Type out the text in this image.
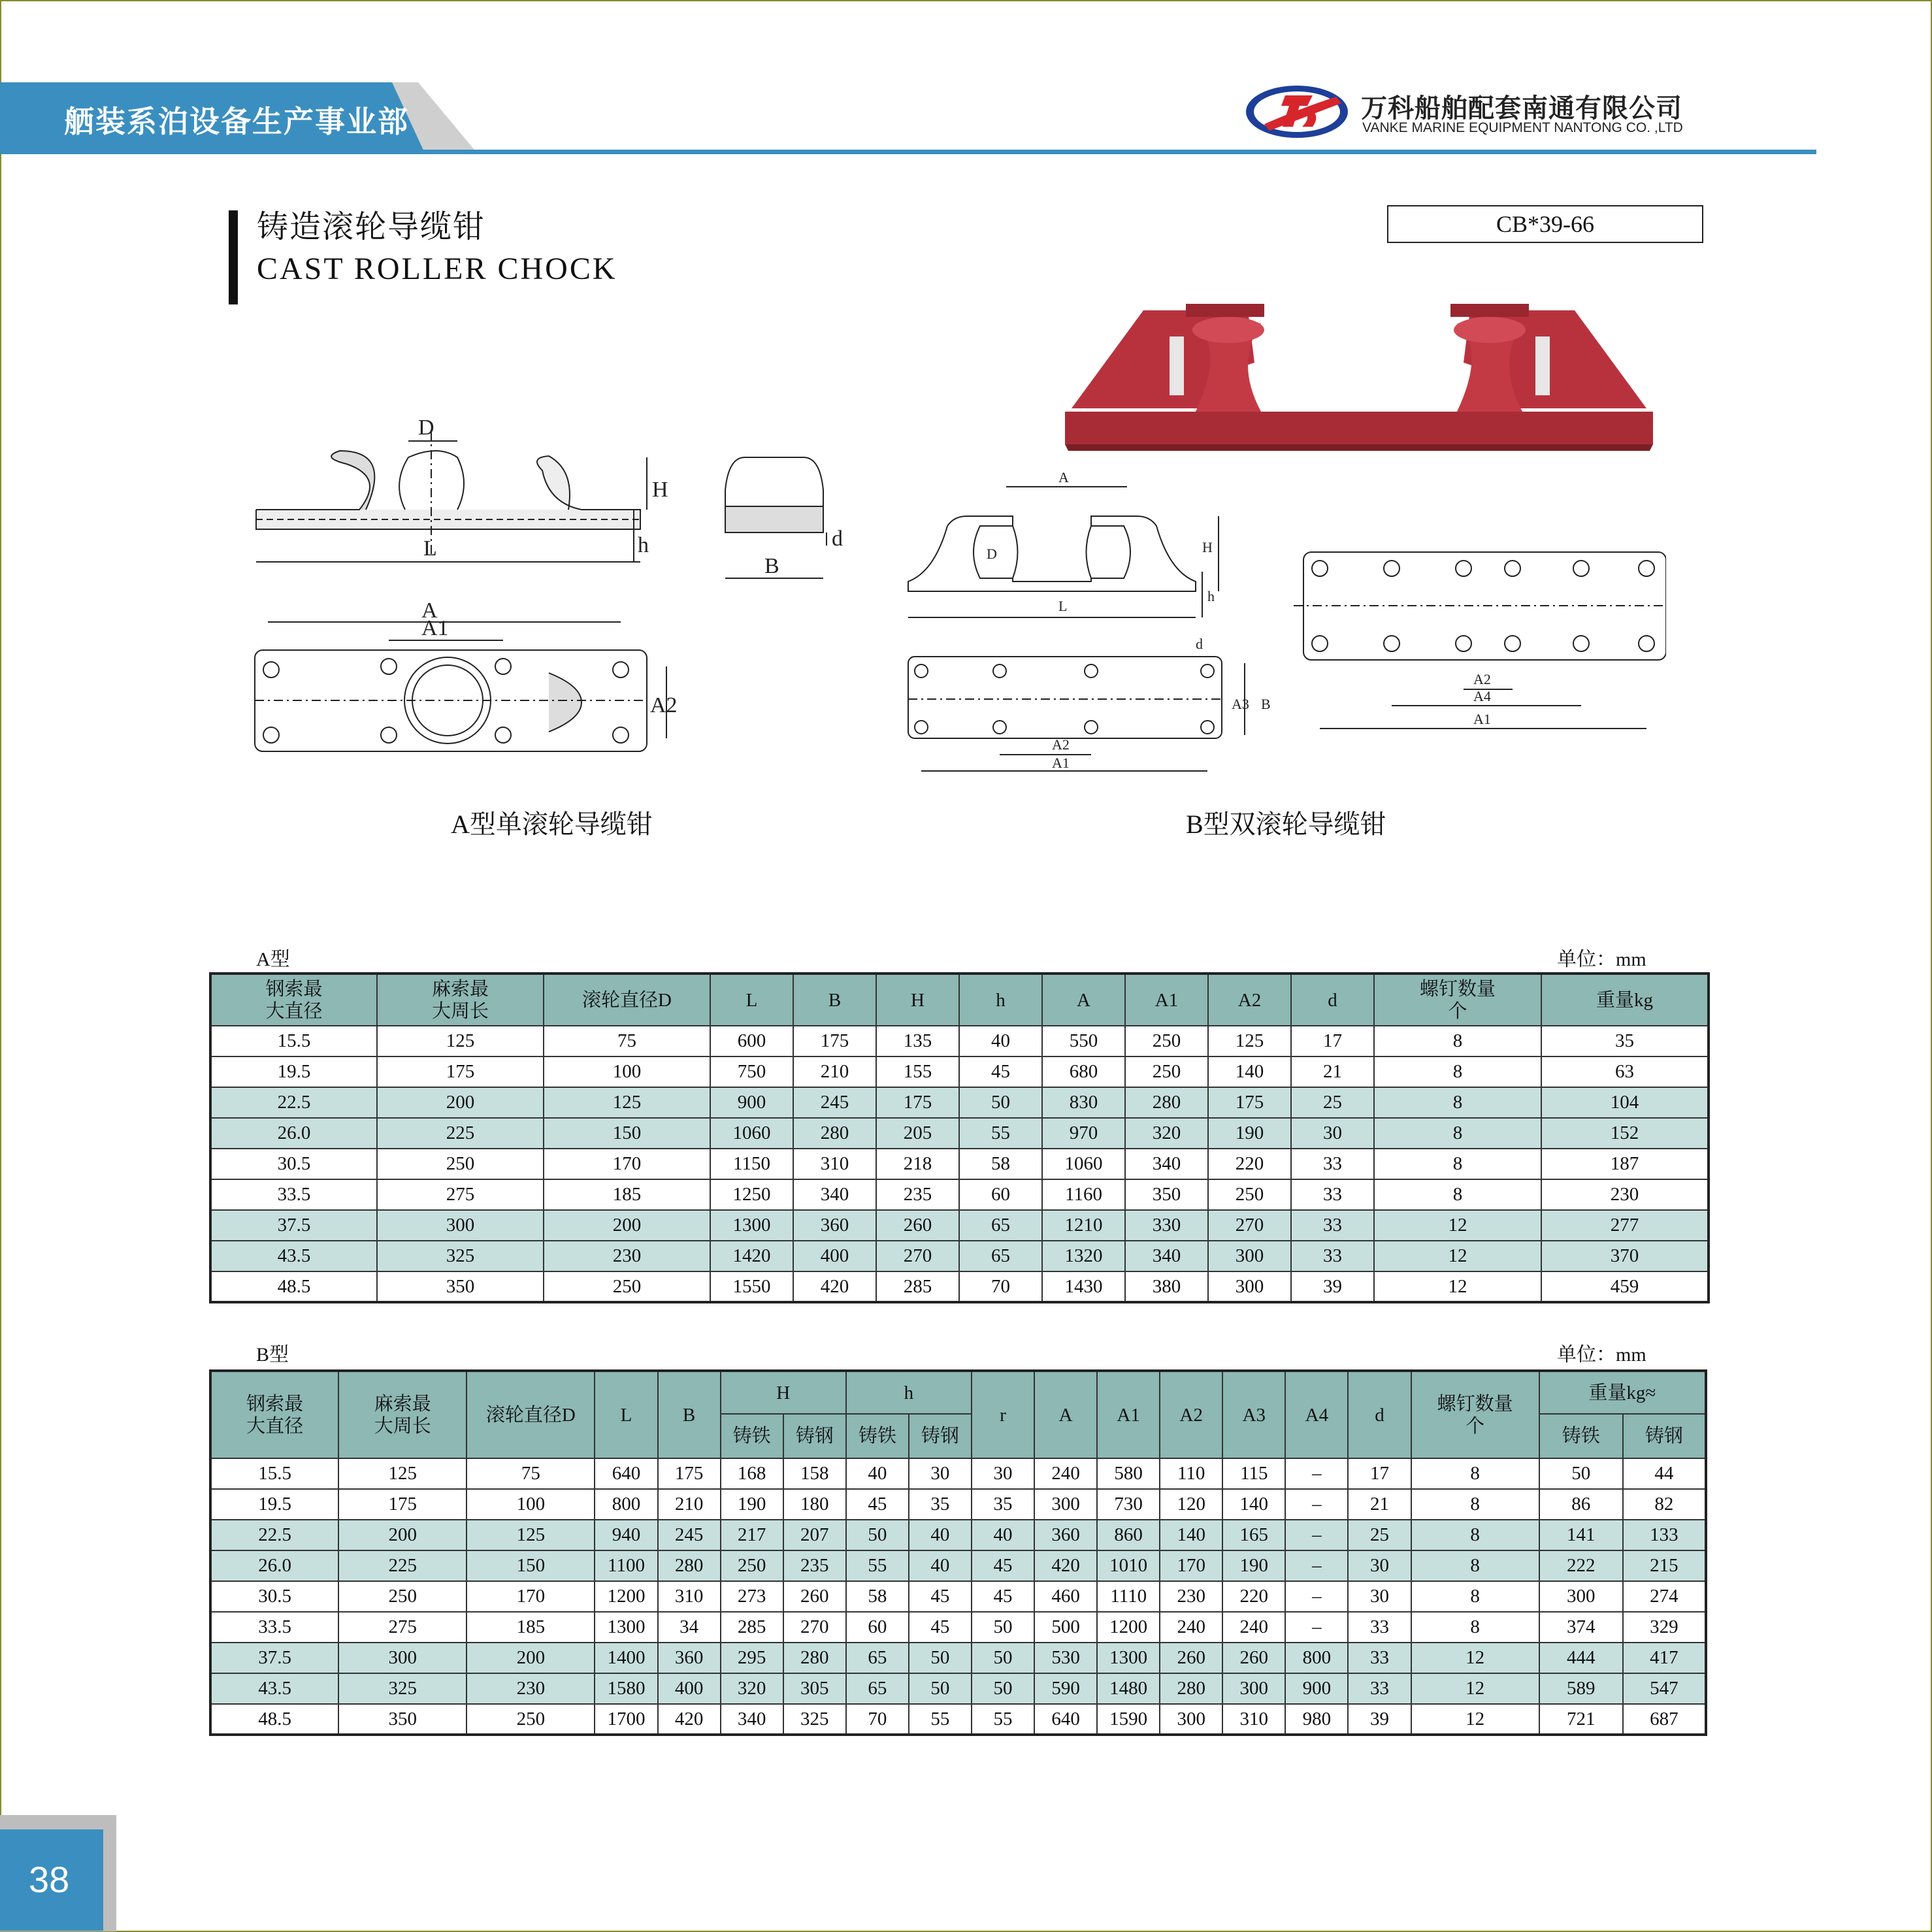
舾装系泊设备生产事业部	万科船舶配套南通有限公司
VANKE MARINE EQUIPMENT NANTONG CO. ,LTD
铸造滚轮导缆钳
CAST ROLLER CHOCK
CB*39-66
L
D
H
h
B
d
A
A1
A2
A型单滚轮导缆钳
L
A
D	H
h
d
A3 B
A2
A1
A2
A4
A1
B型双滚轮导缆钳
A型	单位：mm
钢索最
大直径	麻索最
大周长	滚轮直径D	L	B	H	h	A	A1	A2	d	螺钉数量
个	重量kg
15.5	125	75	600	175	135	40	550	250	125	17	8	35
19.5	175	100	750	210	155	45	680	250	140	21	8	63
22.5	200	125	900	245	175	50	830	280	175	25	8	104
26.0	225	150	1060	280	205	55	970	320	190	30	8	152
30.5	250	170	1150	310	218	58	1060	340	220	33	8	187
33.5	275	185	1250	340	235	60	1160	350	250	33	8	230
37.5	300	200	1300	360	260	65	1210	330	270	33	12	277
43.5	325	230	1420	400	270	65	1320	340	300	33	12	370
48.5	350	250	1550	420	285	70	1430	380	300	39	12	459
B型	单位：mm
钢索最
大直径	麻索最
大周长	滚轮直径D	L	B	H		h		r	A	A1	A2	A3	A4	d	螺钉数量
个	重量kg≈	
					铸铁	铸钢	铸铁	铸钢									铸铁	铸钢
15.5	125	75	640	175	168	158	40	30	30	240	580	110	115	–	17	8	50	44
19.5	175	100	800	210	190	180	45	35	35	300	730	120	140	–	21	8	86	82
22.5	200	125	940	245	217	207	50	40	40	360	860	140	165	–	25	8	141	133
26.0	225	150	1100	280	250	235	55	40	45	420	1010	170	190	–	30	8	222	215
30.5	250	170	1200	310	273	260	58	45	45	460	1110	230	220	–	30	8	300	274
33.5	275	185	1300	34	285	270	60	45	50	500	1200	240	240	–	33	8	374	329
37.5	300	200	1400	360	295	280	65	50	50	530	1300	260	260	800	33	12	444	417
43.5	325	230	1580	400	320	305	65	50	50	590	1480	280	300	900	33	12	589	547
48.5	350	250	1700	420	340	325	70	55	55	640	1590	300	310	980	39	12	721	687
38
